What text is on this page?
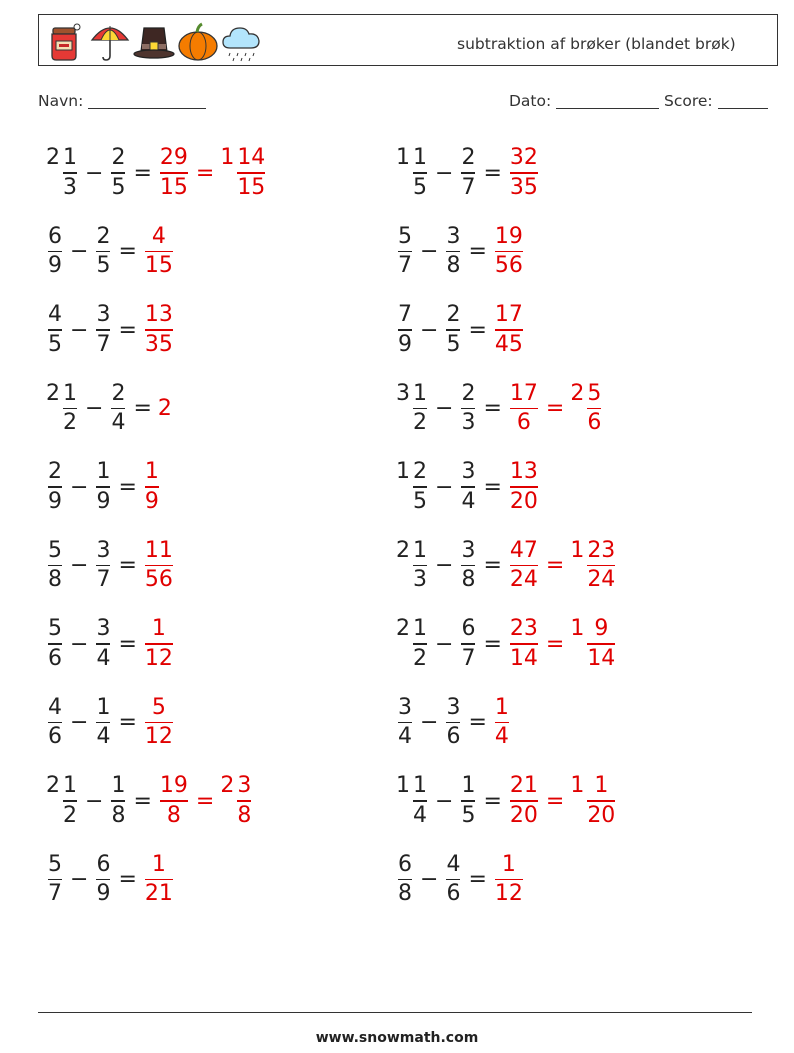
subtraktion af brøker (blandet brøk)
Navn:	Dato:	Score:
$2 \frac{1}{3} - \frac{2}{5} = \frac{29}{15}$ =
$1 \frac{14}{15}$
$\frac{6}{9} - \frac{2}{5} = \frac{4}{15}$
$\frac{4}{5} - \frac{3}{7} = \frac{13}{35}$
$2 \frac{1}{2} - \frac{2}{4} = 2$
$\frac{2}{9} - \frac{1}{9} = \frac{1}{9}$
$\frac{5}{8} - \frac{3}{7} = \frac{11}{56}$
$\frac{5}{6} - \frac{3}{4} = \frac{1}{12}$
$\frac{4}{6} - \frac{1}{4} = \frac{5}{12}$
$2 \frac{1}{2} - \frac{1}{8} = \frac{19}{8}$ =
$2 \frac{3}{8}$
$\frac{5}{7} - \frac{6}{9} = \frac{1}{21}$
$1 \frac{1}{5} - \frac{2}{7} = \frac{32}{35}$
$\frac{5}{7} - \frac{3}{8} = \frac{19}{56}$
$\frac{7}{9} - \frac{2}{5} = \frac{17}{45}$
$3 \frac{1}{2} - \frac{2}{3} = \frac{17}{6}$ =
$2 \frac{5}{6}$
$1 \frac{2}{5} - \frac{3}{4} = \frac{13}{20}$
$2 \frac{1}{3} - \frac{3}{8} = \frac{47}{24}$ =
$1 \frac{23}{24}$
$2 \frac{1}{2} - \frac{6}{7} = \frac{23}{14}$ =
$1 \frac{9}{14}$
$\frac{3}{4} - \frac{3}{6} = \frac{1}{4}$
$1 \frac{1}{4} - \frac{1}{5} = \frac{21}{20}$ =
$1 \frac{1}{20}$
$\frac{6}{8} - \frac{4}{6} = \frac{1}{12}$
www.snowmath.com
